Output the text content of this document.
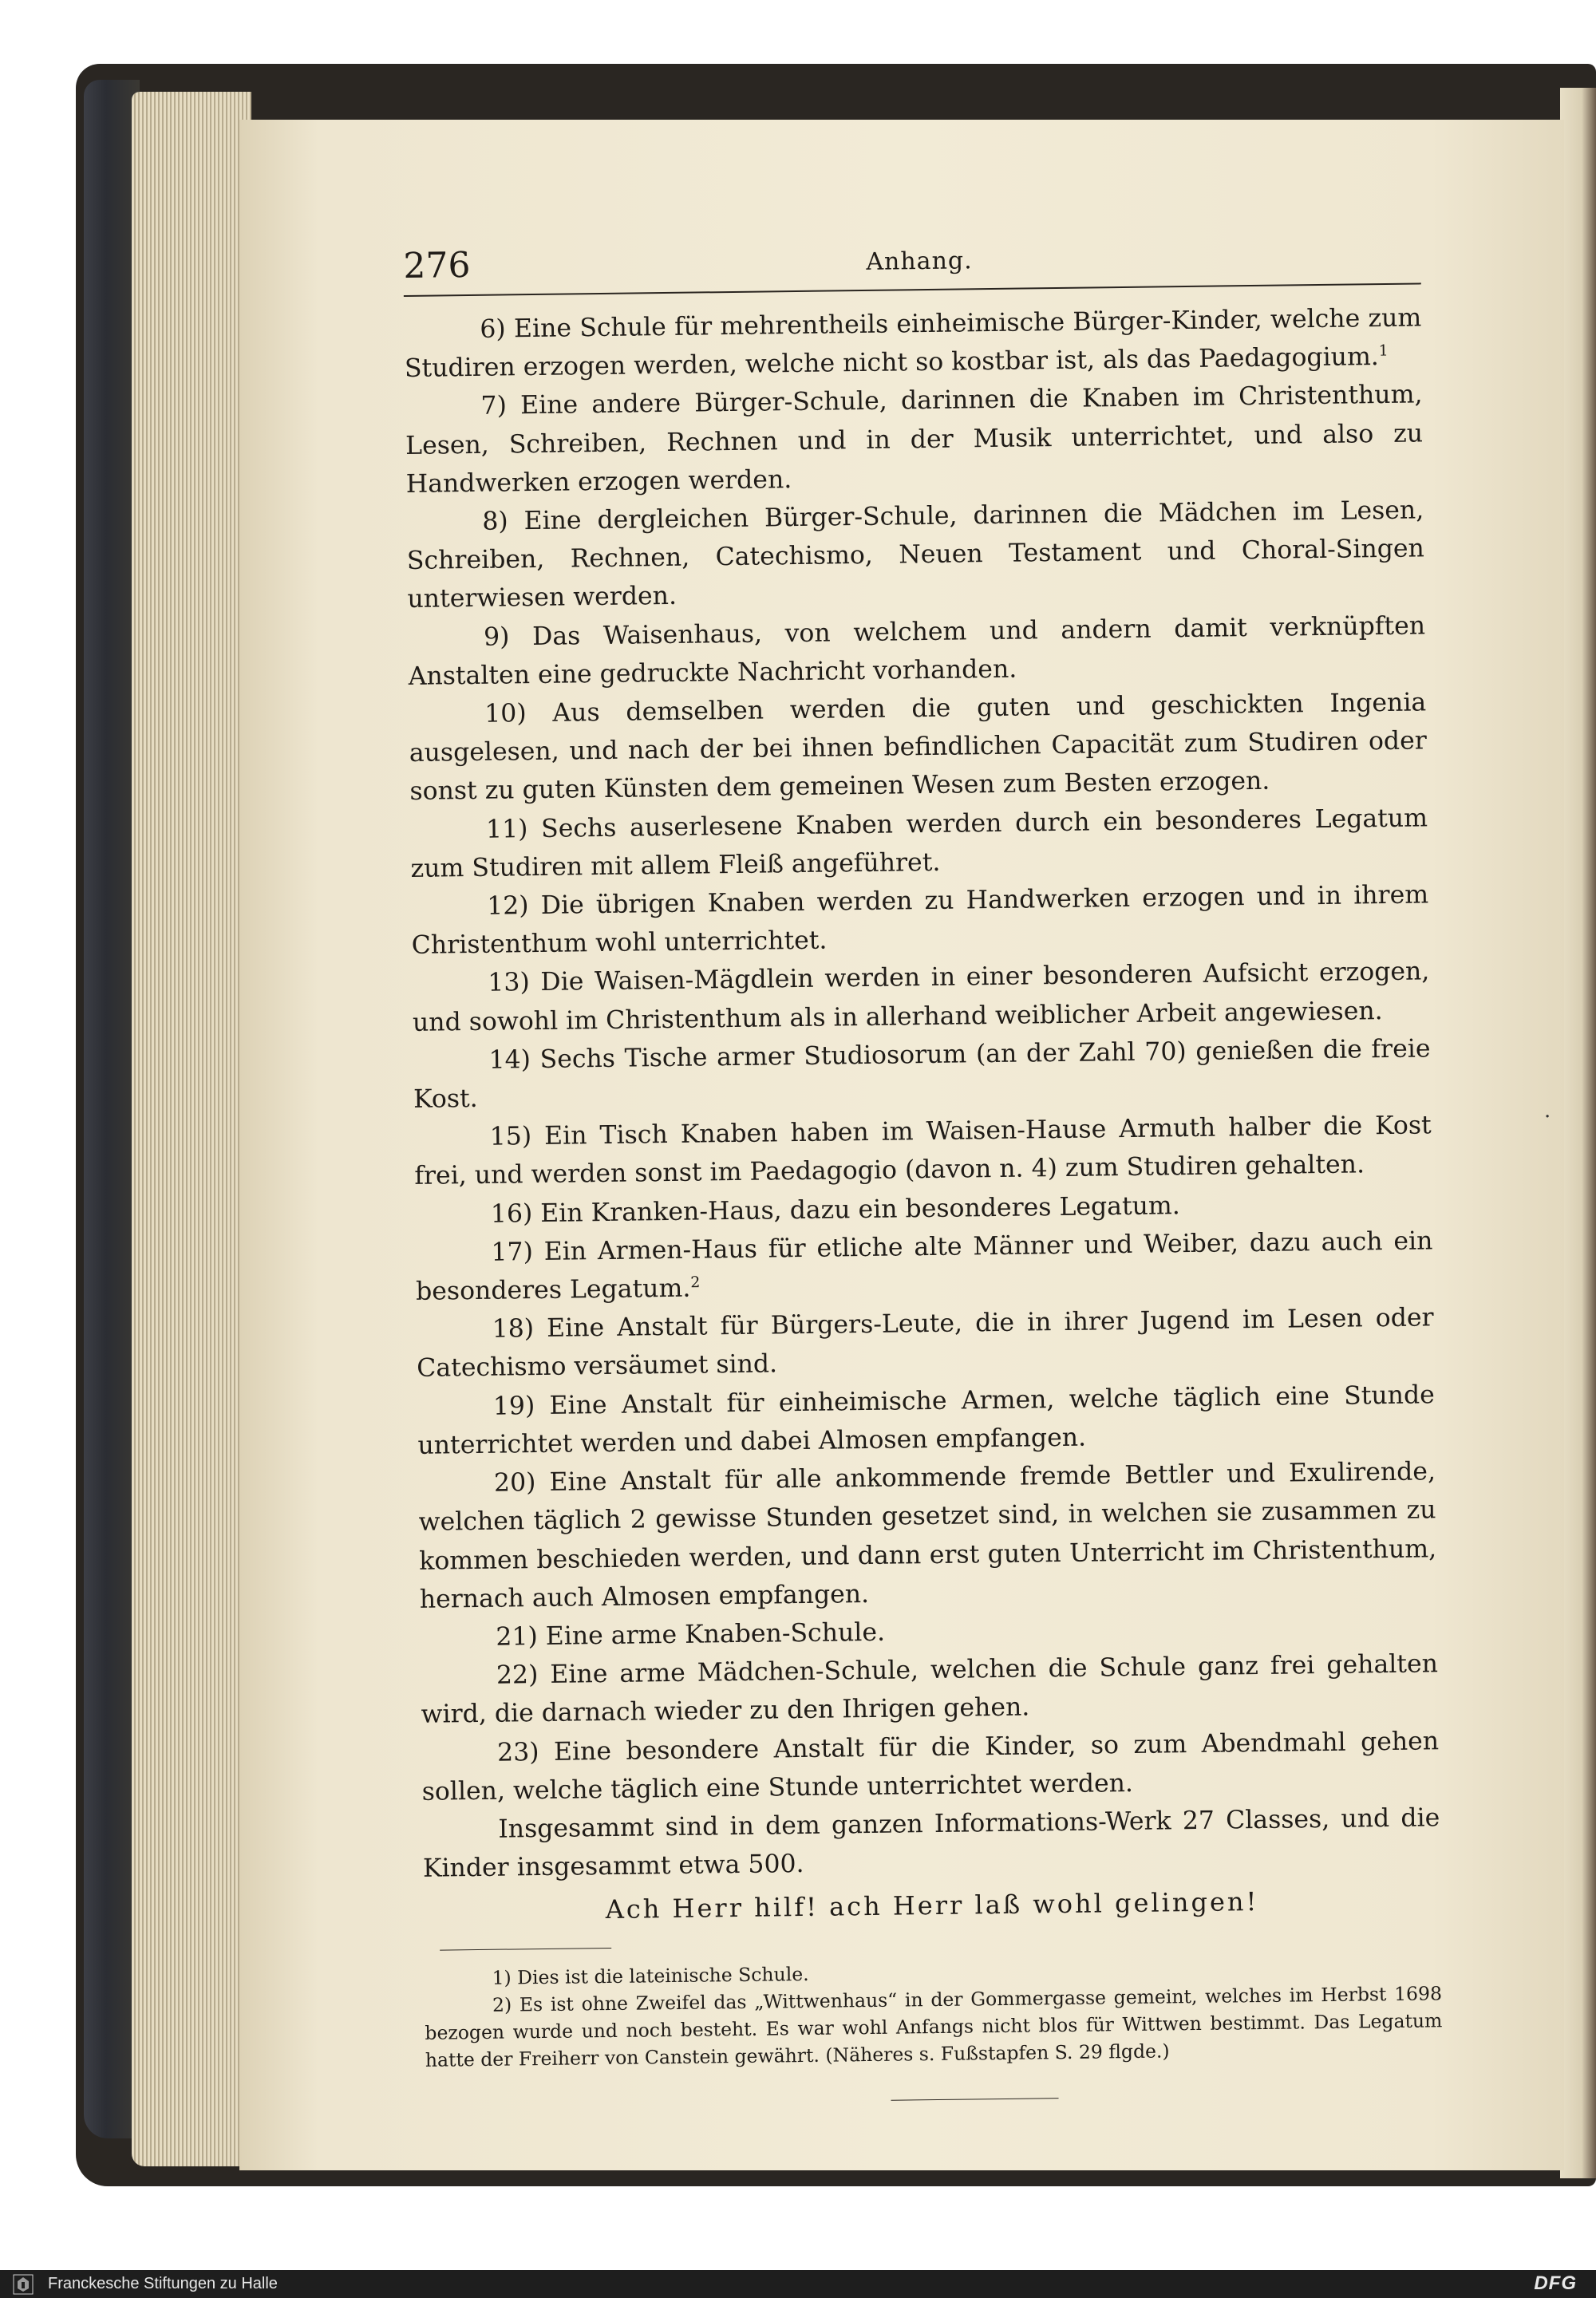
276	Anhang.

6) Eine Schule für mehrentheils einheimische Bürger-Kinder, welche zum Studiren erzogen werden, welche nicht so kostbar ist, als das Paedagogium.$^1$

7) Eine andere Bürger-Schule, darinnen die Knaben im Christenthum, Lesen, Schreiben, Rechnen und in der Musik unterrichtet, und also zu Handwerken erzogen werden.

8) Eine dergleichen Bürger-Schule, darinnen die Mädchen im Lesen, Schreiben, Rechnen, Catechismo, Neuen Testament und Choral-Singen unterwiesen werden.

9) Das Waisenhaus, von welchem und andern damit verknüpften Anstalten eine gedruckte Nachricht vorhanden.

10) Aus demselben werden die guten und geschickten Ingenia ausgelesen, und nach der bei ihnen befindlichen Capacität zum Studiren oder sonst zu guten Künsten dem gemeinen Wesen zum Besten erzogen.

11) Sechs auserlesene Knaben werden durch ein besonderes Legatum zum Studiren mit allem Fleiß angeführet.

12) Die übrigen Knaben werden zu Handwerken erzogen und in ihrem Christenthum wohl unterrichtet.

13) Die Waisen-Mägdlein werden in einer besonderen Aufsicht erzogen, und sowohl im Christenthum als in allerhand weiblicher Arbeit angewiesen.

14) Sechs Tische armer Studiosorum (an der Zahl 70) genießen die freie Kost.

15) Ein Tisch Knaben haben im Waisen-Hause Armuth halber die Kost frei, und werden sonst im Paedagogio (davon n. 4) zum Studiren gehalten.

16) Ein Kranken-Haus, dazu ein besonderes Legatum.

17) Ein Armen-Haus für etliche alte Männer und Weiber, dazu auch ein besonderes Legatum.$^2$

18) Eine Anstalt für Bürgers-Leute, die in ihrer Jugend im Lesen oder Catechismo versäumet sind.

19) Eine Anstalt für einheimische Armen, welche täglich eine Stunde unterrichtet werden und dabei Almosen empfangen.

20) Eine Anstalt für alle ankommende fremde Bettler und Exulirende, welchen täglich 2 gewisse Stunden gesetzet sind, in welchen sie zusammen zu kommen beschieden werden, und dann erst guten Unterricht im Christenthum, hernach auch Almosen empfangen.

21) Eine arme Knaben-Schule.

22) Eine arme Mädchen-Schule, welchen die Schule ganz frei gehalten wird, die darnach wieder zu den Ihrigen gehen.

23) Eine besondere Anstalt für die Kinder, so zum Abendmahl gehen sollen, welche täglich eine Stunde unterrichtet werden.

Insgesammt sind in dem ganzen Informations-Werk 27 Classes, und die Kinder insgesammt etwa 500.

Ach Herr hilf! ach Herr laß wohl gelingen!

1) Dies ist die lateinische Schule.

2) Es ist ohne Zweifel das „Wittwenhaus“ in der Gommergasse gemeint, welches im Herbst 1698 bezogen wurde und noch besteht. Es war wohl Anfangs nicht blos für Wittwen bestimmt. Das Legatum hatte der Freiherr von Canstein gewährt. (Näheres s. Fußstapfen S. 29 flgde.)

·
Franckesche Stiftungen zu Halle	DFG
